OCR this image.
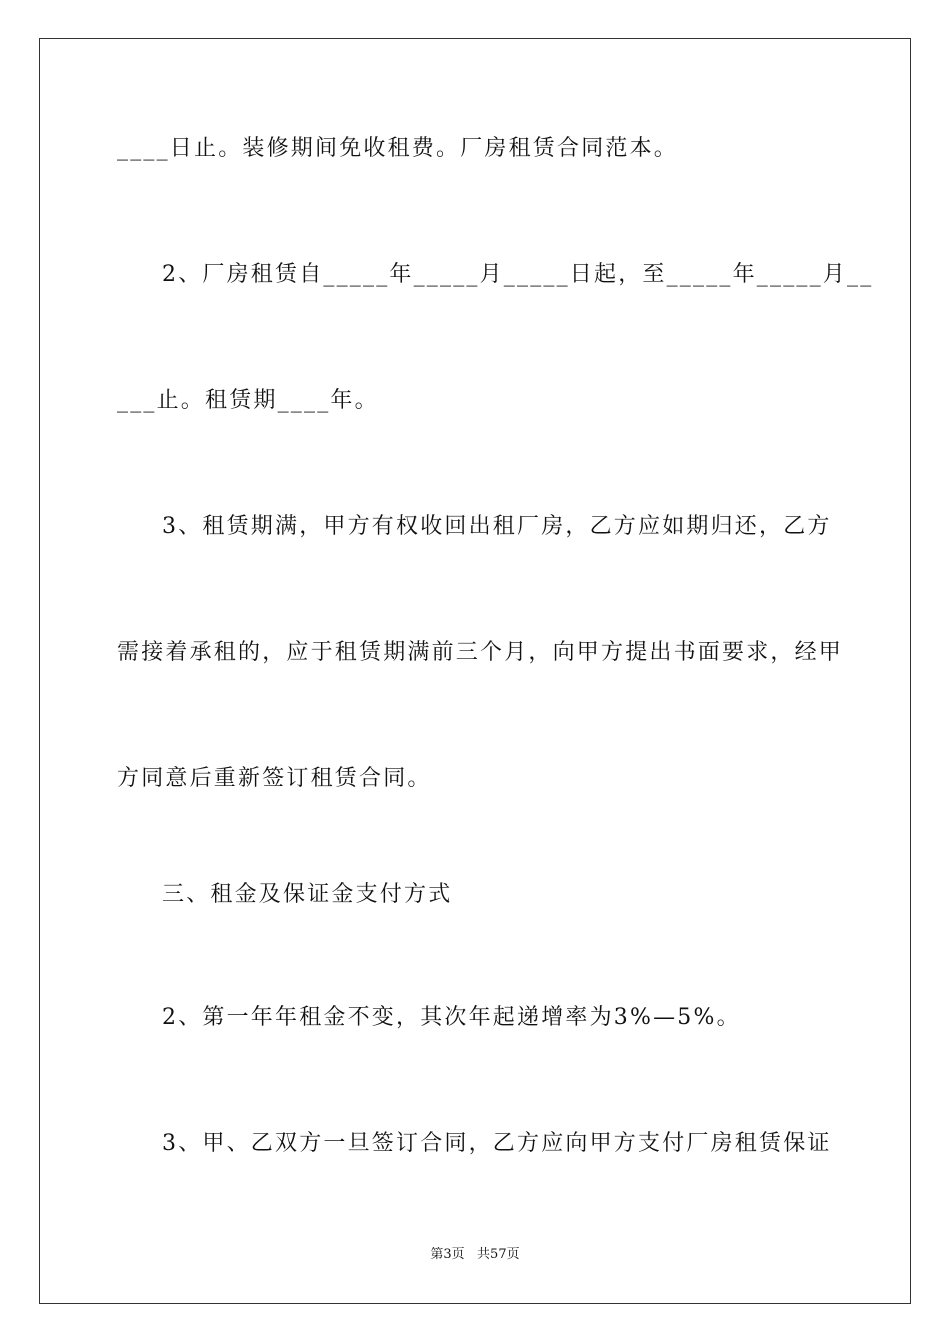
____日止。装修期间免收租费。厂房租赁合同范本。
2、厂房租赁自_____年_____月_____日起，至_____年_____月__
___止。租赁期____年。
3、租赁期满，甲方有权收回出租厂房，乙方应如期归还，乙方
需接着承租的，应于租赁期满前三个月，向甲方提出书面要求，经甲
方同意后重新签订租赁合同。
三、租金及保证金支付方式
2、第一年年租金不变，其次年起递增率为3%—5%。
3、甲、乙双方一旦签订合同，乙方应向甲方支付厂房租赁保证
第3页   共57页
